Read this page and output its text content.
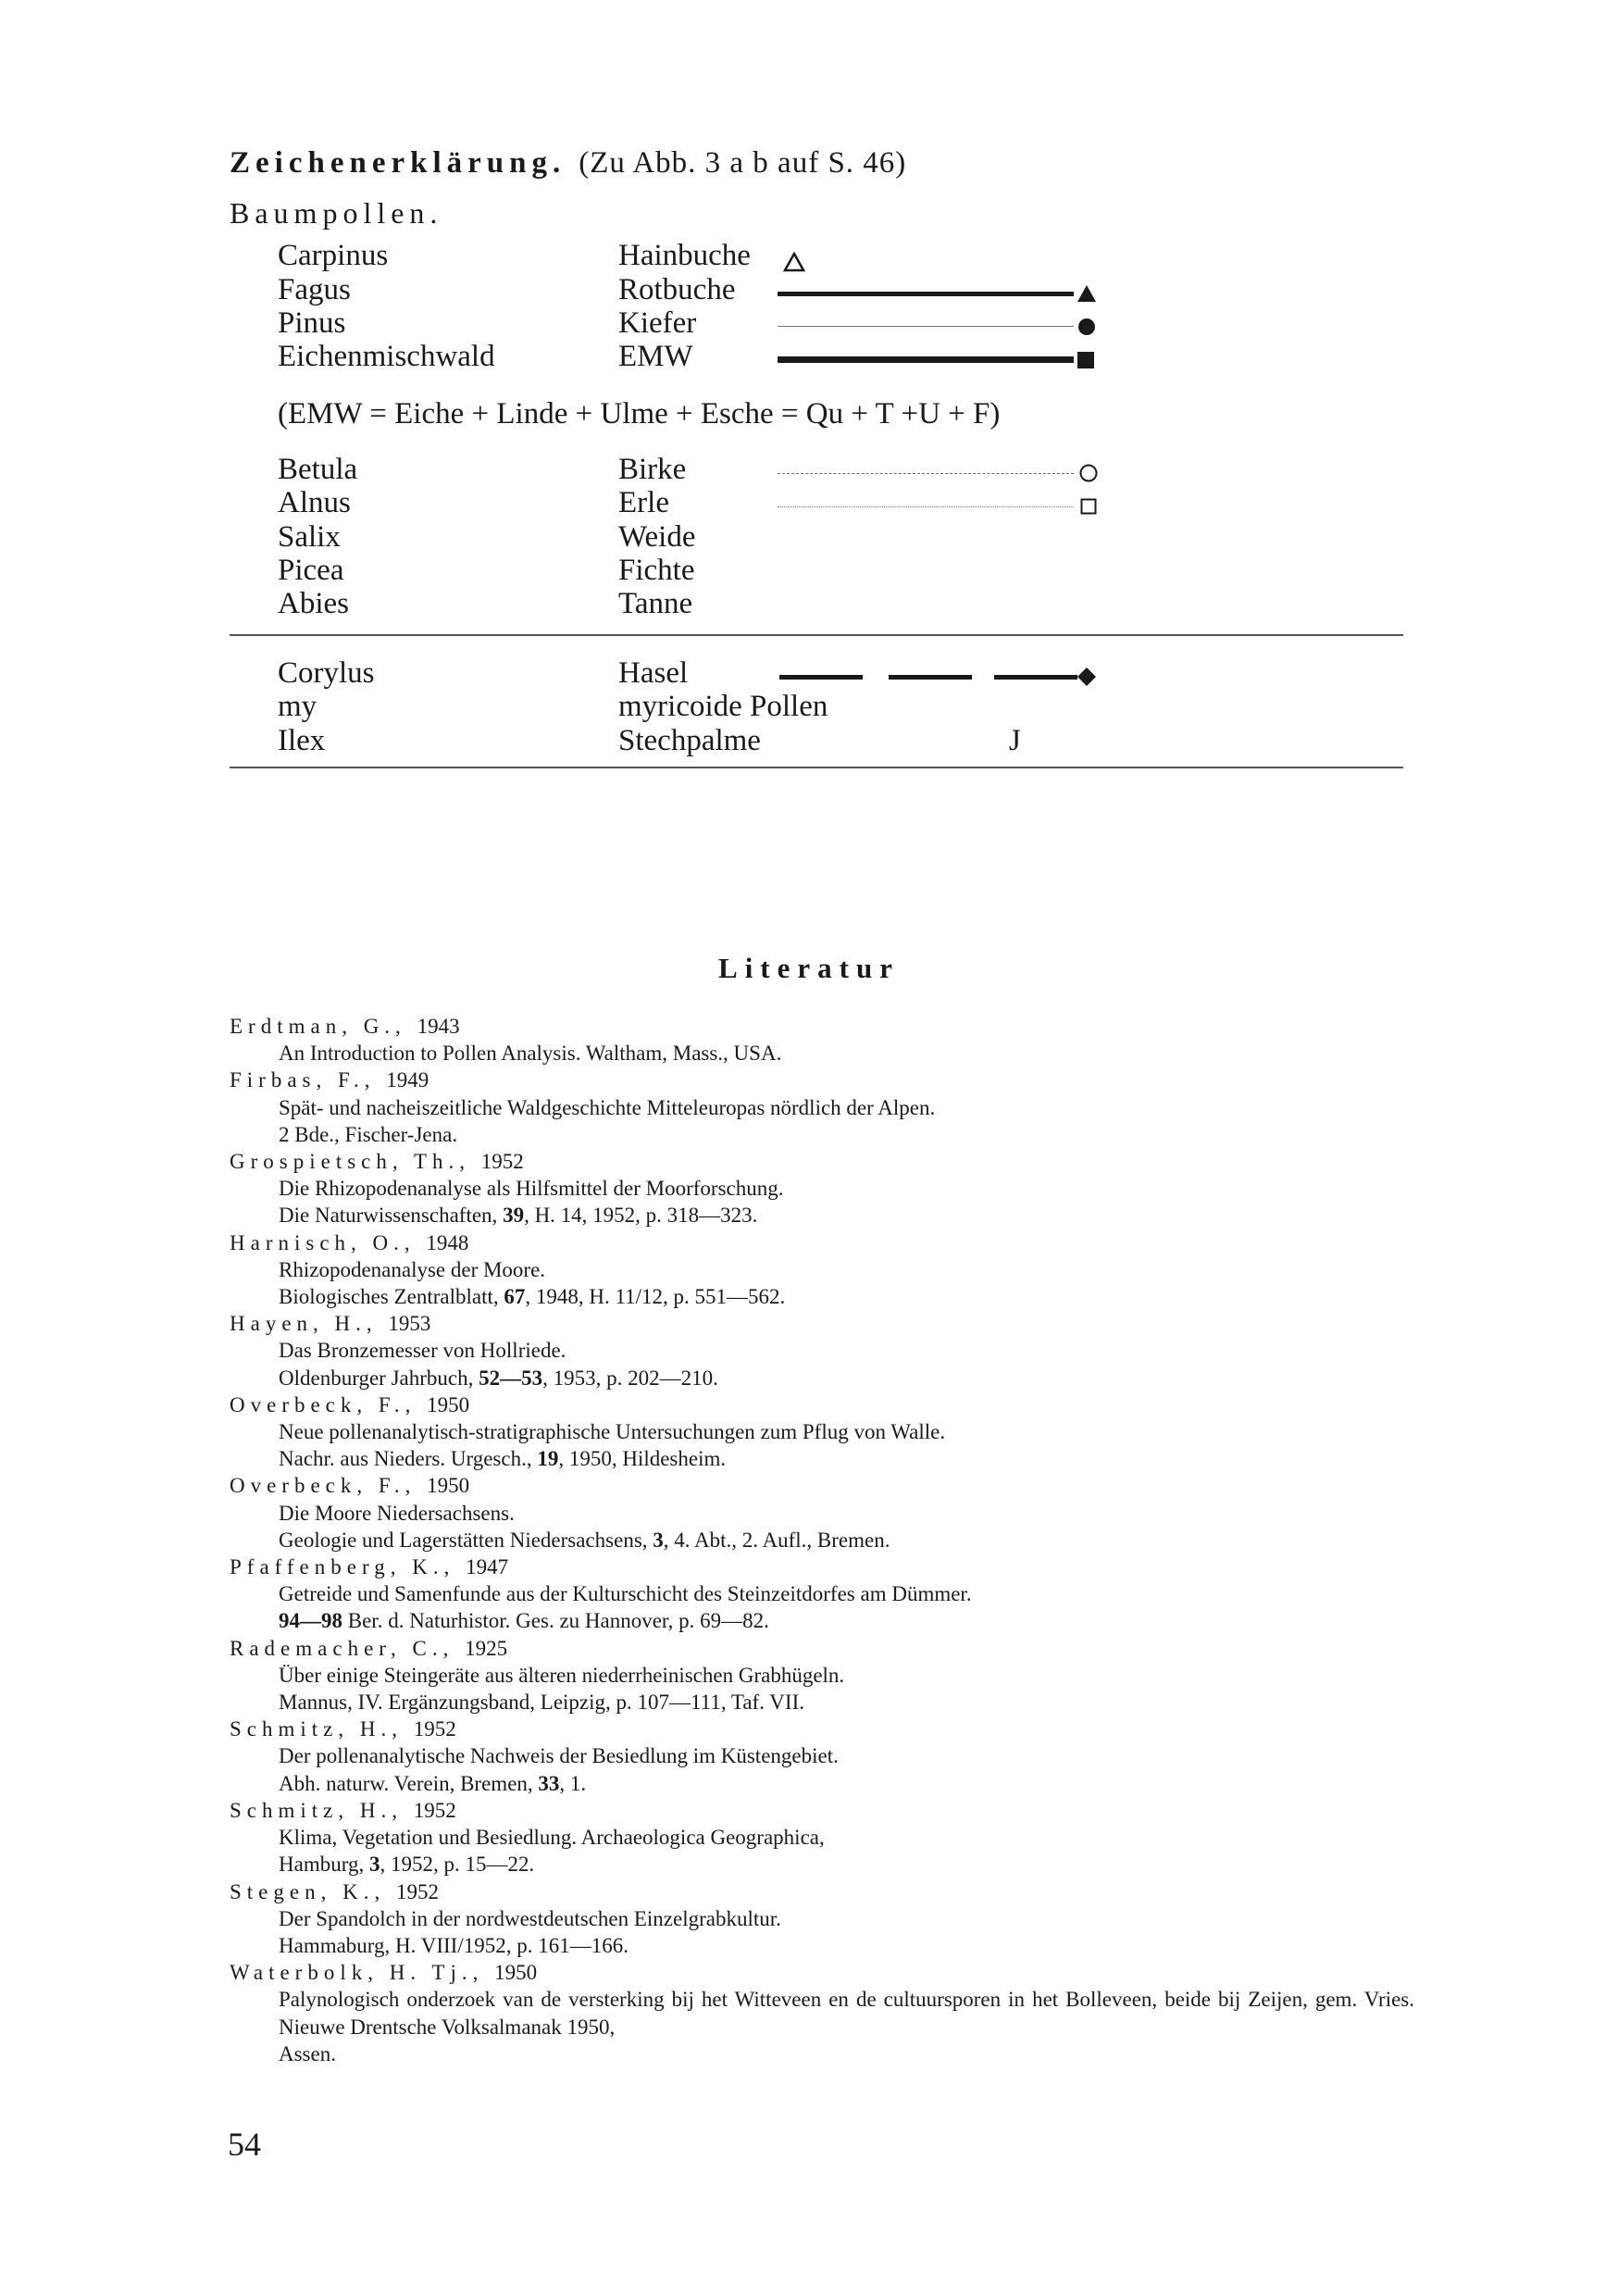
Zeichenerklärung. (Zu Abb. 3 a b auf S. 46)
Baumpollen.
Carpinus	Hainbuche
Fagus	Rotbuche
Pinus	Kiefer
Eichenmischwald	EMW
(EMW = Eiche + Linde + Ulme + Esche = Qu + T +U + F)
Betula	Birke
Alnus	Erle
Salix	Weide
Picea	Fichte
Abies	Tanne
Corylus	Hasel
my	myricoide Pollen
Ilex	Stechpalme	J
Literatur
Erdtman, G., 1943
An Introduction to Pollen Analysis. Waltham, Mass., USA.
Firbas, F., 1949
Spät- und nacheiszeitliche Waldgeschichte Mitteleuropas nördlich der Alpen.
2 Bde., Fischer-Jena.
Grospietsch, Th., 1952
Die Rhizopodenanalyse als Hilfsmittel der Moorforschung.
Die Naturwissenschaften, 39, H. 14, 1952, p. 318—323.
Harnisch, O., 1948
Rhizopodenanalyse der Moore.
Biologisches Zentralblatt, 67, 1948, H. 11/12, p. 551—562.
Hayen, H., 1953
Das Bronzemesser von Hollriede.
Oldenburger Jahrbuch, 52—53, 1953, p. 202—210.
Overbeck, F., 1950
Neue pollenanalytisch-stratigraphische Untersuchungen zum Pflug von Walle.
Nachr. aus Nieders. Urgesch., 19, 1950, Hildesheim.
Overbeck, F., 1950
Die Moore Niedersachsens.
Geologie und Lagerstätten Niedersachsens, 3, 4. Abt., 2. Aufl., Bremen.
Pfaffenberg, K., 1947
Getreide und Samenfunde aus der Kulturschicht des Steinzeitdorfes am Dümmer.
94—98 Ber. d. Naturhistor. Ges. zu Hannover, p. 69—82.
Rademacher, C., 1925
Über einige Steingeräte aus älteren niederrheinischen Grabhügeln.
Mannus, IV. Ergänzungsband, Leipzig, p. 107—111, Taf. VII.
Schmitz, H., 1952
Der pollenanalytische Nachweis der Besiedlung im Küstengebiet.
Abh. naturw. Verein, Bremen, 33, 1.
Schmitz, H., 1952
Klima, Vegetation und Besiedlung. Archaeologica Geographica,
Hamburg, 3, 1952, p. 15—22.
Stegen, K., 1952
Der Spandolch in der nordwestdeutschen Einzelgrabkultur.
Hammaburg, H. VIII/1952, p. 161—166.
Waterbolk, H. Tj., 1950
Palynologisch onderzoek van de versterking bij het Witteveen en de cultuursporen in het Bolleveen, beide bij Zeijen, gem. Vries. Nieuwe Drentsche Volksalmanak 1950,
Assen.
54
